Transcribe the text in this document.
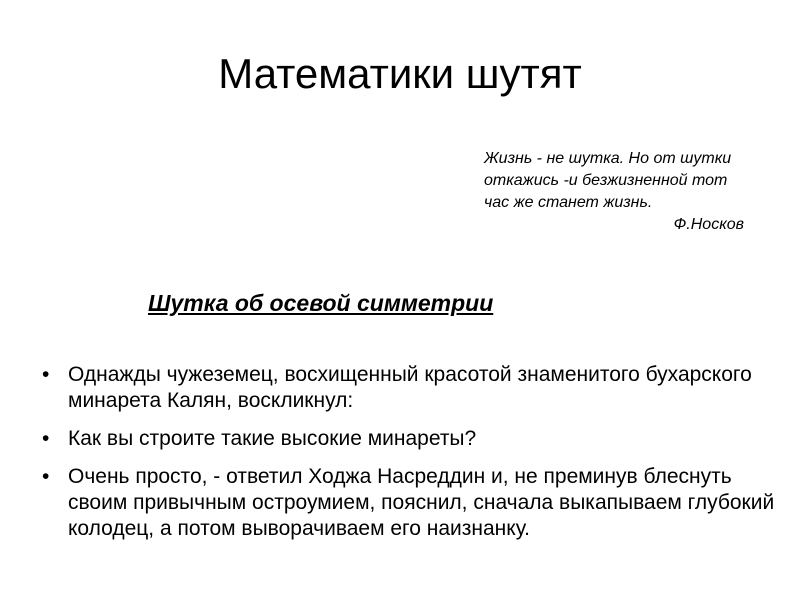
Математики шутят

Жизнь - не шутка. Но от шутки откажись -и безжизненной тот час же станет жизнь.

Ф.Носков

Шутка об осевой симметрии
• Однажды чужеземец, восхищенный красотой знаменитого бухарского минарета Калян, воскликнул:
• Как вы строите такие высокие минареты?
• Очень просто, - ответил Ходжа Насреддин и, не преминув блеснуть своим привычным остроумием, пояснил, сначала выкапываем глубокий колодец, а потом выворачиваем его наизнанку.
